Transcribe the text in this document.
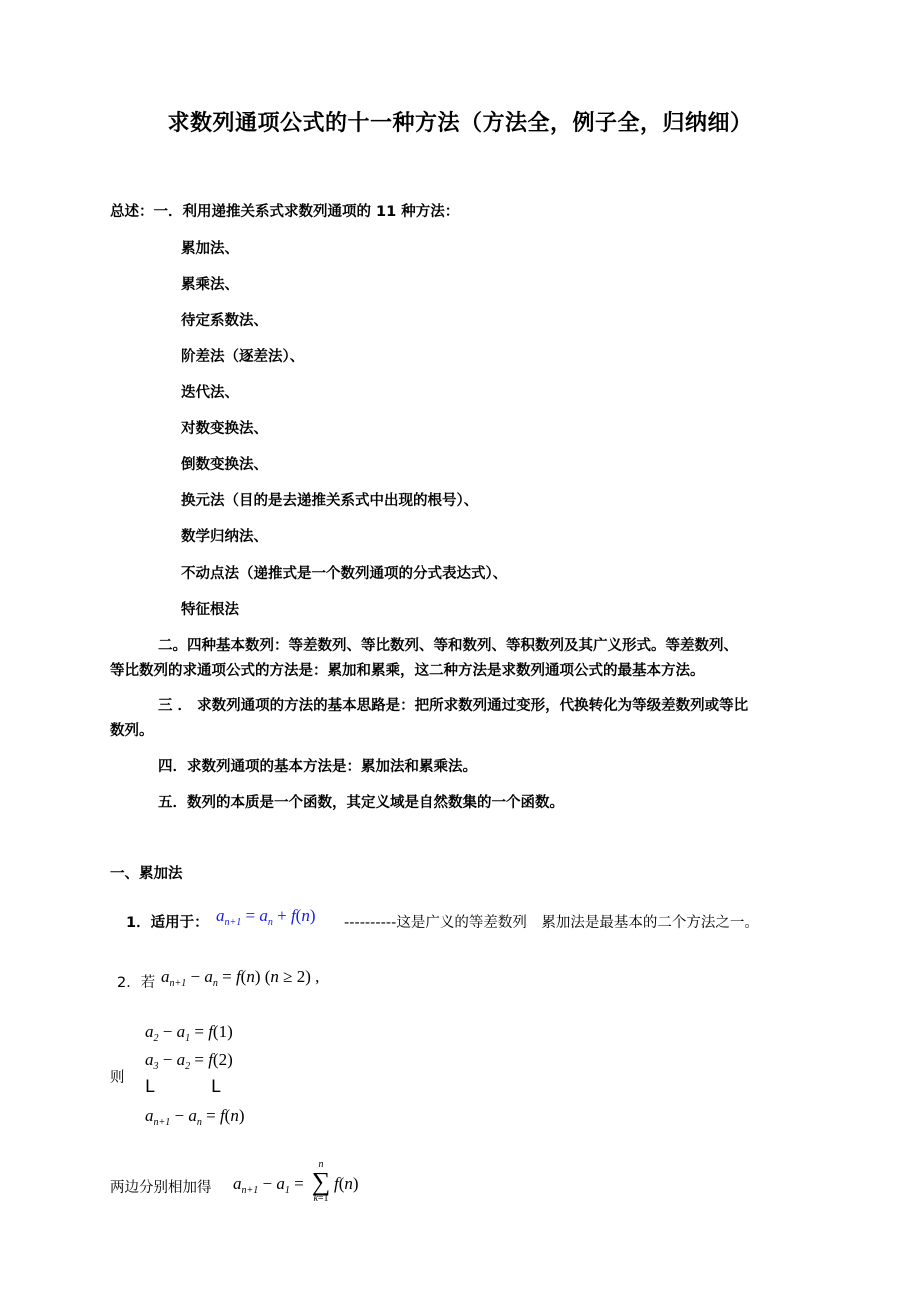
求数列通项公式的十一种方法（方法全，例子全，归纳细）
总述：一．利用递推关系式求数列通项的 11 种方法：
累加法、
累乘法、
待定系数法、
阶差法（逐差法）、
迭代法、
对数变换法、
倒数变换法、
换元法（目的是去递推关系式中出现的根号）、
数学归纳法、
不动点法（递推式是一个数列通项的分式表达式）、
特征根法
二。四种基本数列：等差数列、等比数列、等和数列、等积数列及其广义形式。等差数列、
等比数列的求通项公式的方法是：累加和累乘，这二种方法是求数列通项公式的最基本方法。
三 ． 求数列通项的方法的基本思路是：把所求数列通过变形，代换转化为等级差数列或等比
数列。
四．求数列通项的基本方法是：累加法和累乘法。
五．数列的本质是一个函数，其定义域是自然数集的一个函数。
一、累加法
1．适用于： $a_{n+1} = a_n + f(n)$ ----------这是广义的等差数列　累加法是最基本的二个方法之一。
2．若 $a_{n+1} - a_n = f(n) (n \ge 2)$ ,
$a_2 - a_1 = f(1)$
$a_3 - a_2 = f(2)$
则 L	L
$a_{n+1} - a_n = f(n)$
两边分别相加得 $a_{n+1} - a_1$ =
n
∑
k=1
f(n)
